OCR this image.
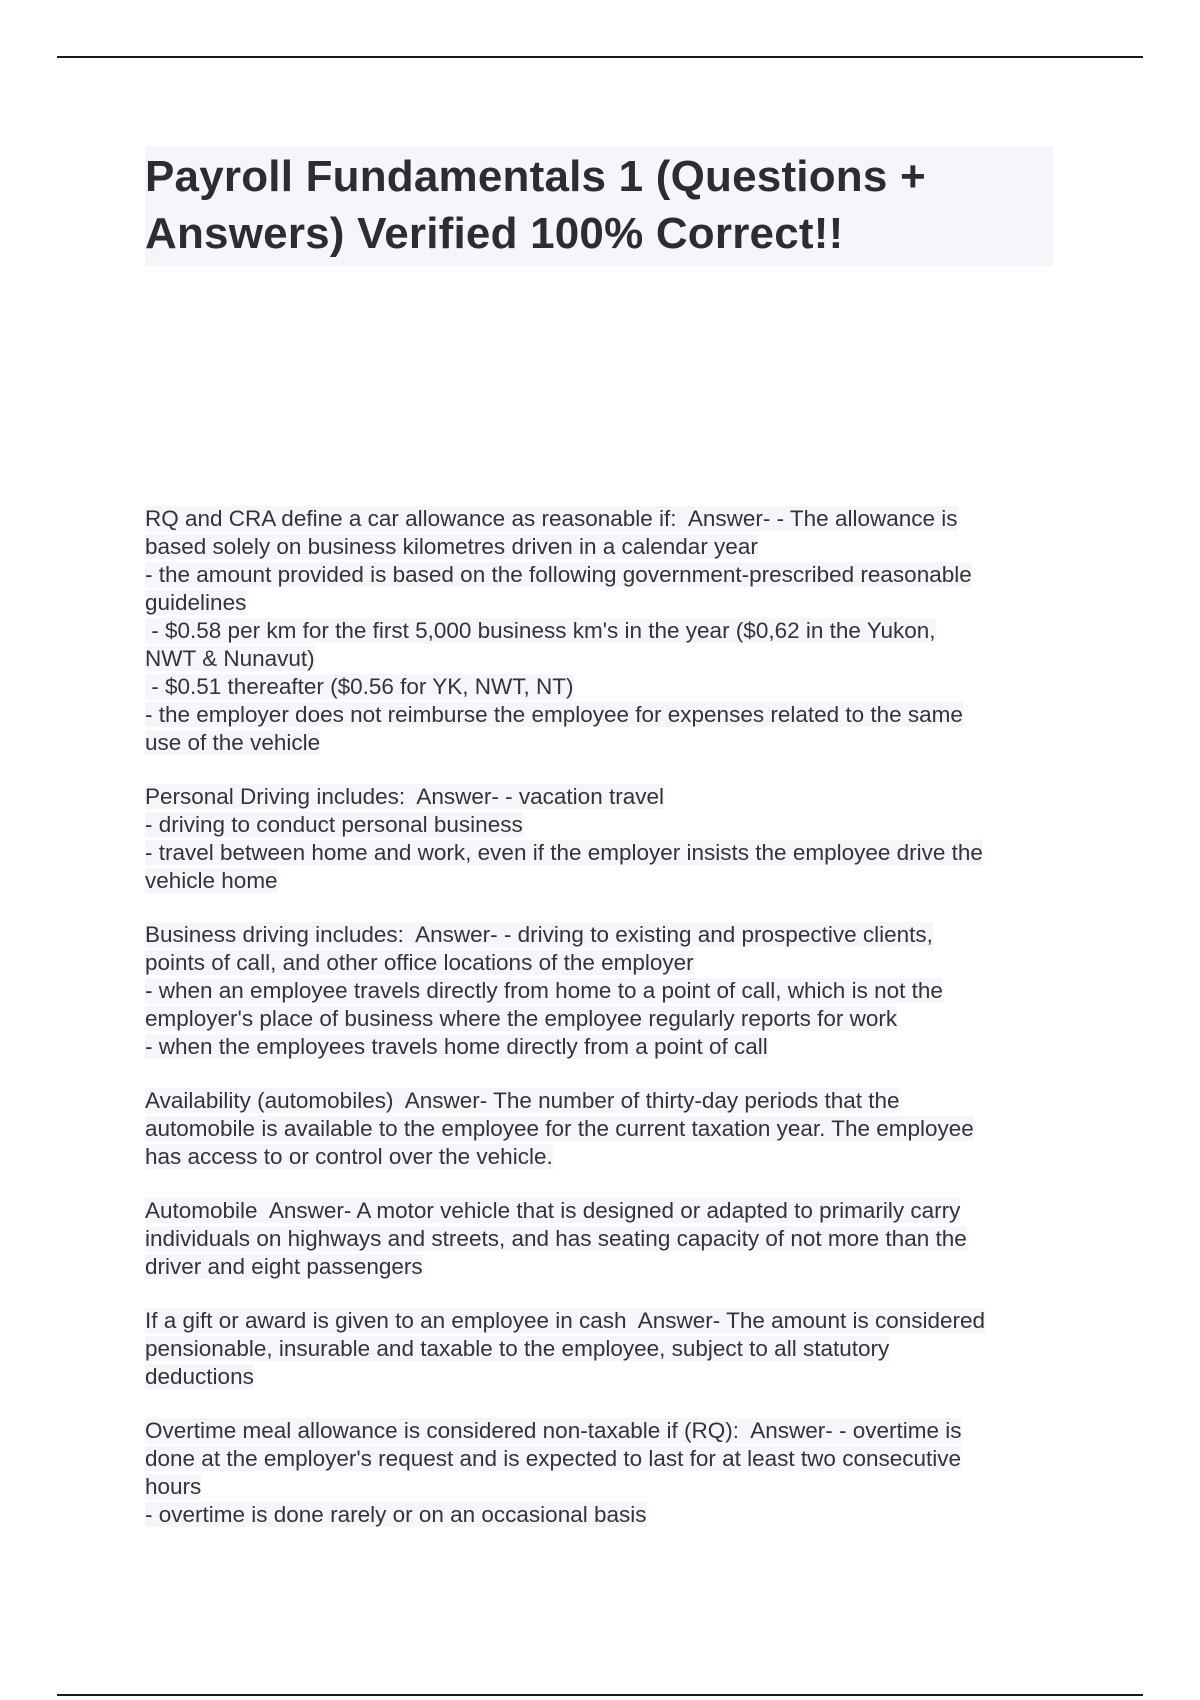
Payroll Fundamentals 1 (Questions +
Answers) Verified 100% Correct!!
RQ and CRA define a car allowance as reasonable if:  Answer- - The allowance is
based solely on business kilometres driven in a calendar year
- the amount provided is based on the following government-prescribed reasonable
guidelines
- $0.58 per km for the first 5,000 business km's in the year ($0,62 in the Yukon,
NWT & Nunavut)
- $0.51 thereafter ($0.56 for YK, NWT, NT)
- the employer does not reimburse the employee for expenses related to the same
use of the vehicle
Personal Driving includes:  Answer- - vacation travel
- driving to conduct personal business
- travel between home and work, even if the employer insists the employee drive the
vehicle home
Business driving includes:  Answer- - driving to existing and prospective clients,
points of call, and other office locations of the employer
- when an employee travels directly from home to a point of call, which is not the
employer's place of business where the employee regularly reports for work
- when the employees travels home directly from a point of call
Availability (automobiles)  Answer- The number of thirty-day periods that the
automobile is available to the employee for the current taxation year. The employee
has access to or control over the vehicle.
Automobile  Answer- A motor vehicle that is designed or adapted to primarily carry
individuals on highways and streets, and has seating capacity of not more than the
driver and eight passengers
If a gift or award is given to an employee in cash  Answer- The amount is considered
pensionable, insurable and taxable to the employee, subject to all statutory
deductions
Overtime meal allowance is considered non-taxable if (RQ):  Answer- - overtime is
done at the employer's request and is expected to last for at least two consecutive
hours
- overtime is done rarely or on an occasional basis
